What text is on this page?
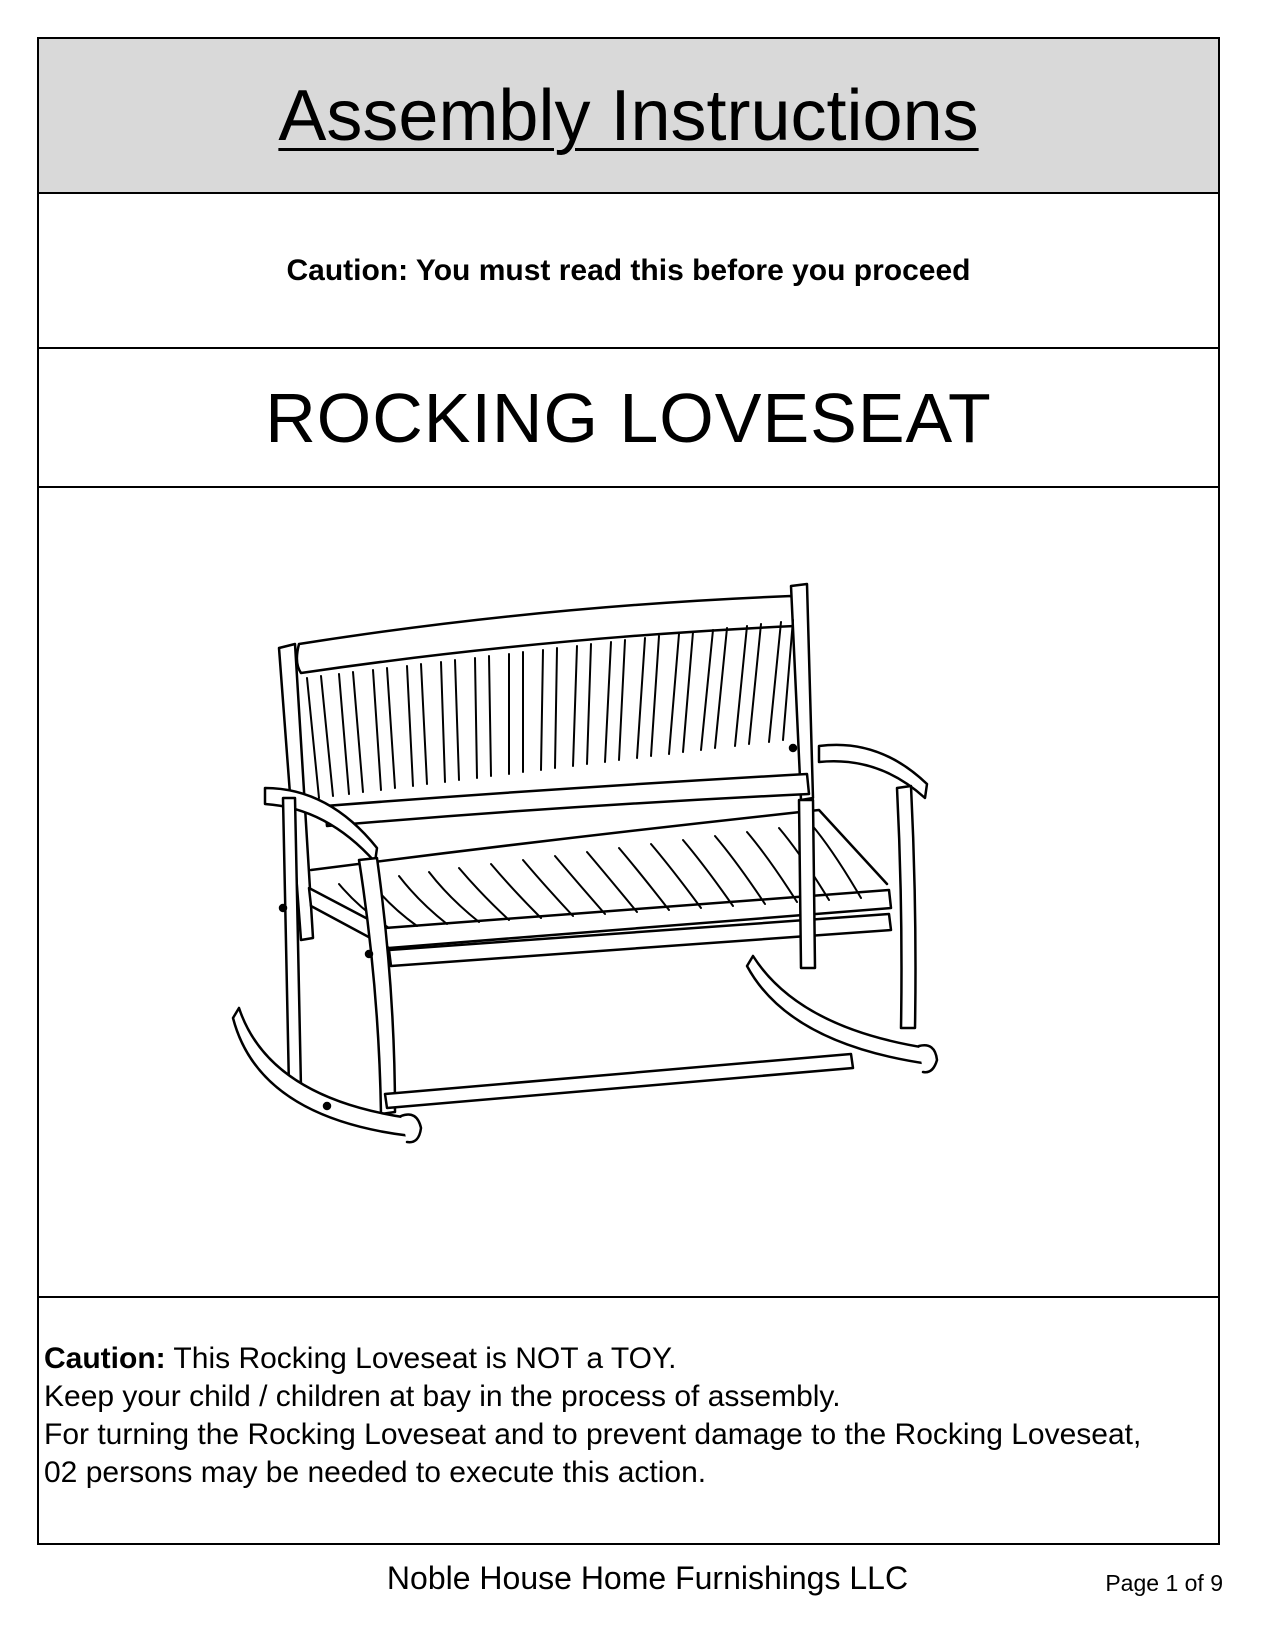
Assembly Instructions

Caution: You must read this before you proceed

ROCKING LOVESEAT

Caution: This Rocking Loveseat is NOT a TOY.

Keep your child / children at bay in the process of assembly.

For turning the Rocking Loveseat and to prevent damage to the Rocking Loveseat,

02 persons may be needed to execute this action.

Noble House Home Furnishings LLC	Page 1 of 9
